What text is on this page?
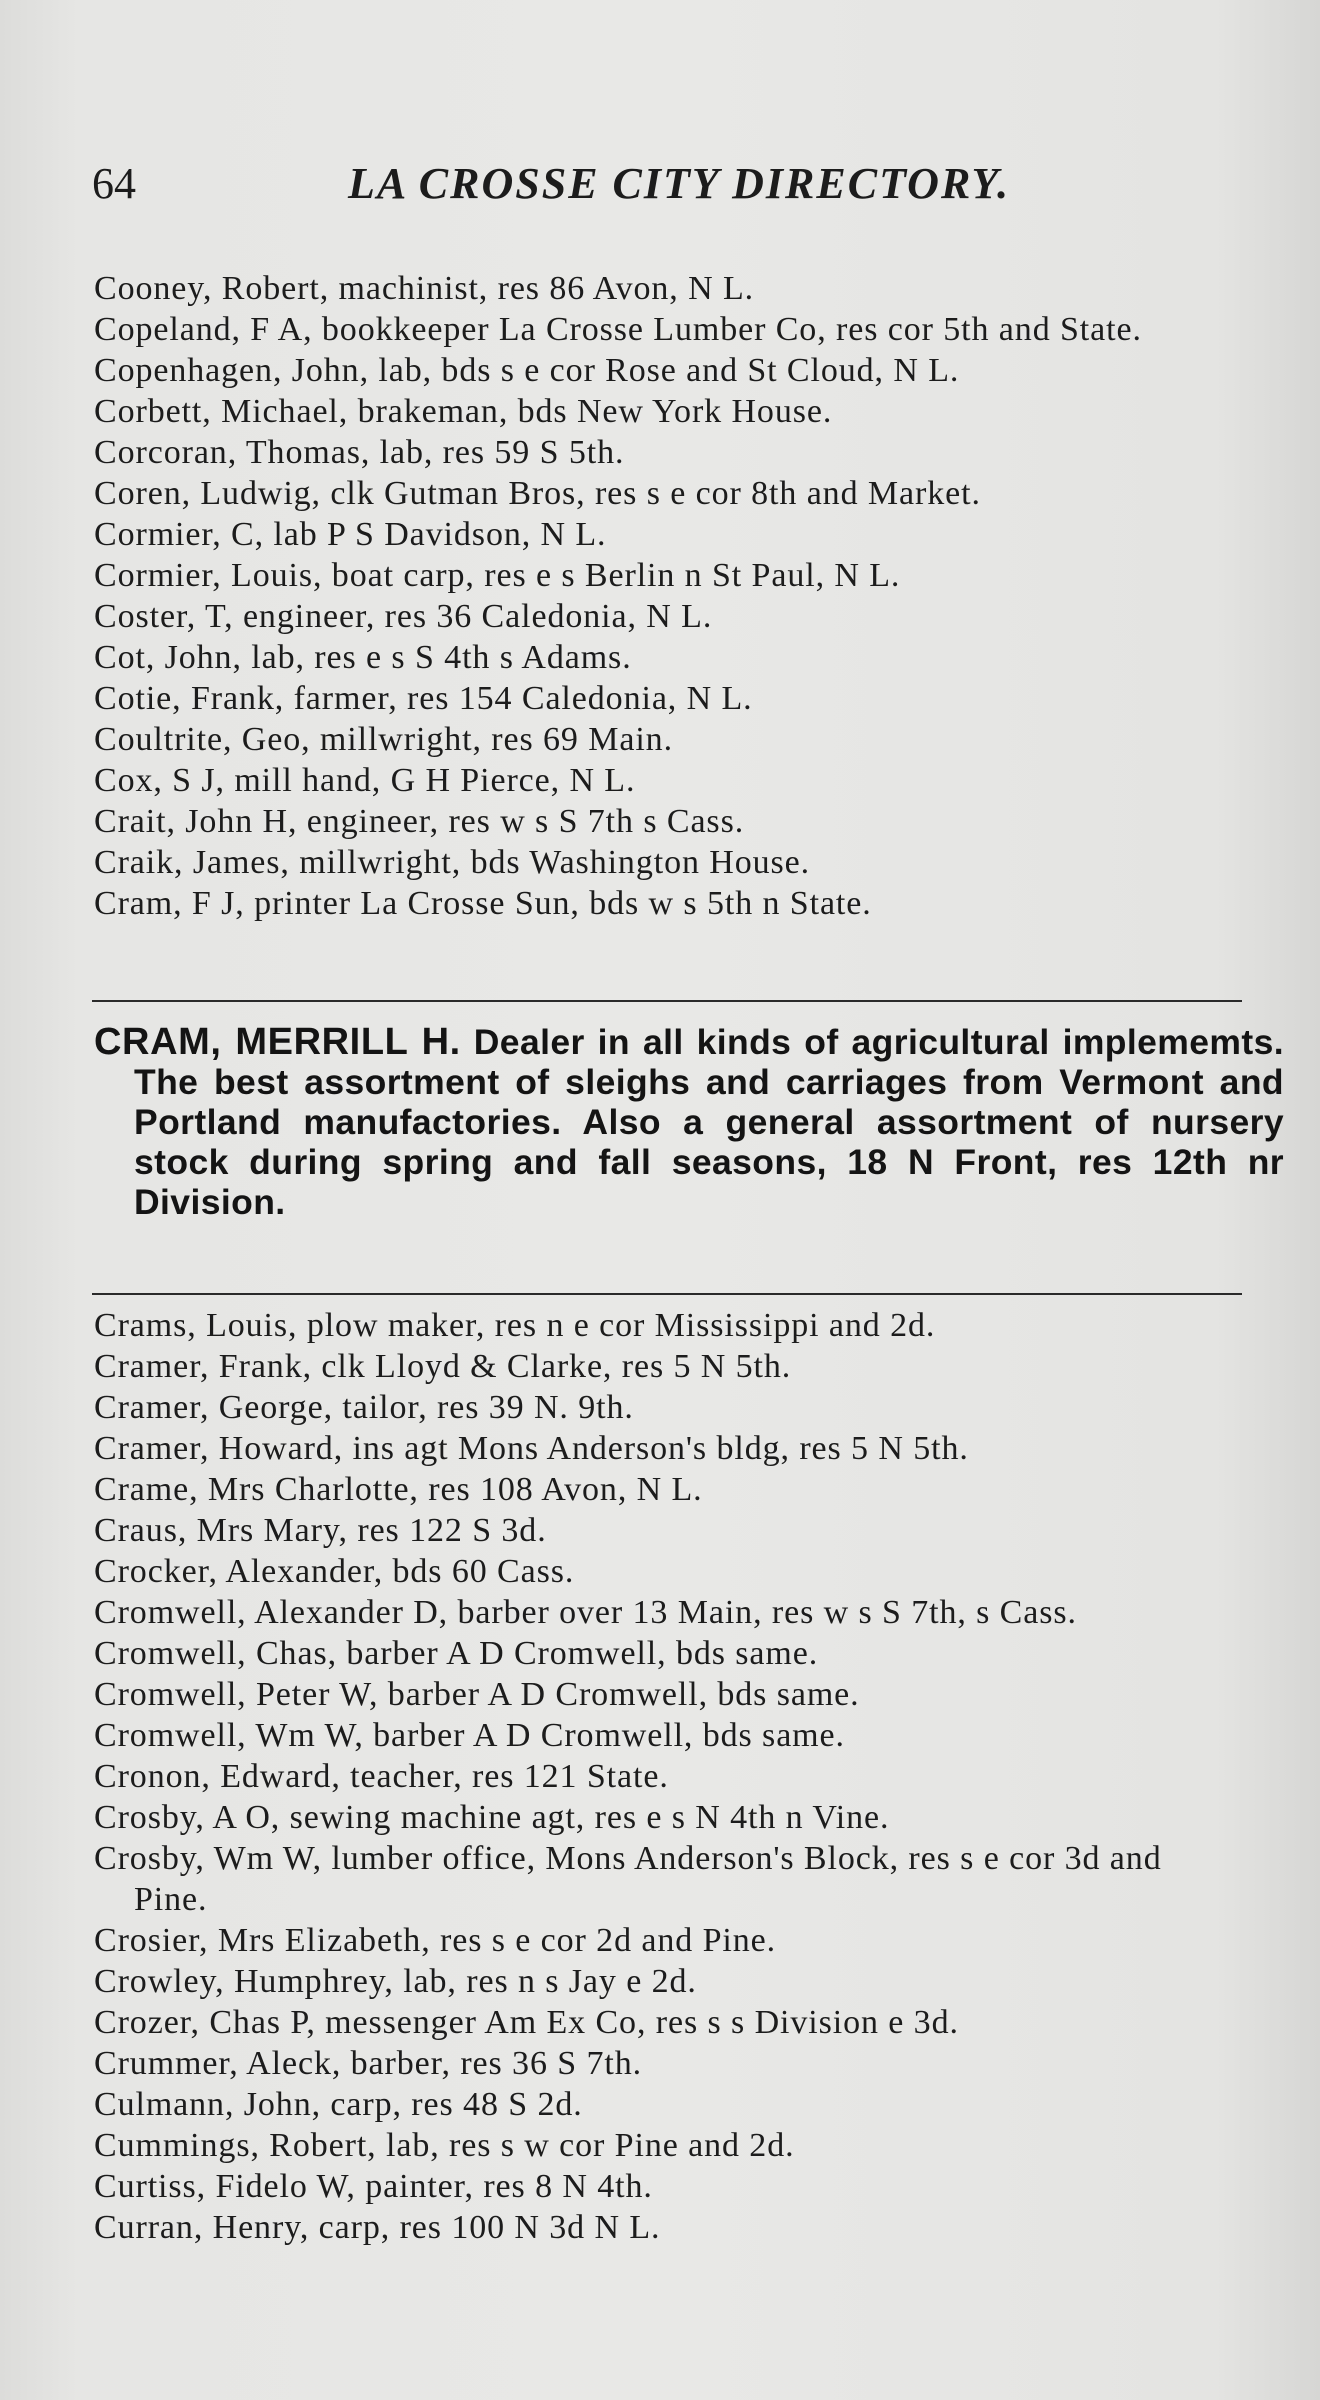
64	LA CROSSE CITY DIRECTORY.
Cooney, Robert, machinist, res 86 Avon, N L.
Copeland, F A, bookkeeper La Crosse Lumber Co, res cor 5th and State.
Copenhagen, John, lab, bds s e cor Rose and St Cloud, N L.
Corbett, Michael, brakeman, bds New York House.
Corcoran, Thomas, lab, res 59 S 5th.
Coren, Ludwig, clk Gutman Bros, res s e cor 8th and Market.
Cormier, C, lab P S Davidson, N L.
Cormier, Louis, boat carp, res e s Berlin n St Paul, N L.
Coster, T, engineer, res 36 Caledonia, N L.
Cot, John, lab, res e s S 4th s Adams.
Cotie, Frank, farmer, res 154 Caledonia, N L.
Coultrite, Geo, millwright, res 69 Main.
Cox, S J, mill hand, G H Pierce, N L.
Crait, John H, engineer, res w s S 7th s Cass.
Craik, James, millwright, bds Washington House.
Cram, F J, printer La Crosse Sun, bds w s 5th n State.
CRAM, MERRILL H. Dealer in all kinds of agricultural implememts. The best assortment of sleighs and carriages from Vermont and Portland manufactories. Also a general assortment of nursery stock during spring and fall seasons, 18 N Front, res 12th nr Division.
Crams, Louis, plow maker, res n e cor Mississippi and 2d.
Cramer, Frank, clk Lloyd & Clarke, res 5 N 5th.
Cramer, George, tailor, res 39 N. 9th.
Cramer, Howard, ins agt Mons Anderson's bldg, res 5 N 5th.
Crame, Mrs Charlotte, res 108 Avon, N L.
Craus, Mrs Mary, res 122 S 3d.
Crocker, Alexander, bds 60 Cass.
Cromwell, Alexander D, barber over 13 Main, res w s S 7th, s Cass.
Cromwell, Chas, barber A D Cromwell, bds same.
Cromwell, Peter W, barber A D Cromwell, bds same.
Cromwell, Wm W, barber A D Cromwell, bds same.
Cronon, Edward, teacher, res 121 State.
Crosby, A O, sewing machine agt, res e s N 4th n Vine.
Crosby, Wm W, lumber office, Mons Anderson's Block, res s e cor 3d and Pine.
Crosier, Mrs Elizabeth, res s e cor 2d and Pine.
Crowley, Humphrey, lab, res n s Jay e 2d.
Crozer, Chas P, messenger Am Ex Co, res s s Division e 3d.
Crummer, Aleck, barber, res 36 S 7th.
Culmann, John, carp, res 48 S 2d.
Cummings, Robert, lab, res s w cor Pine and 2d.
Curtiss, Fidelo W, painter, res 8 N 4th.
Curran, Henry, carp, res 100 N 3d N L.
